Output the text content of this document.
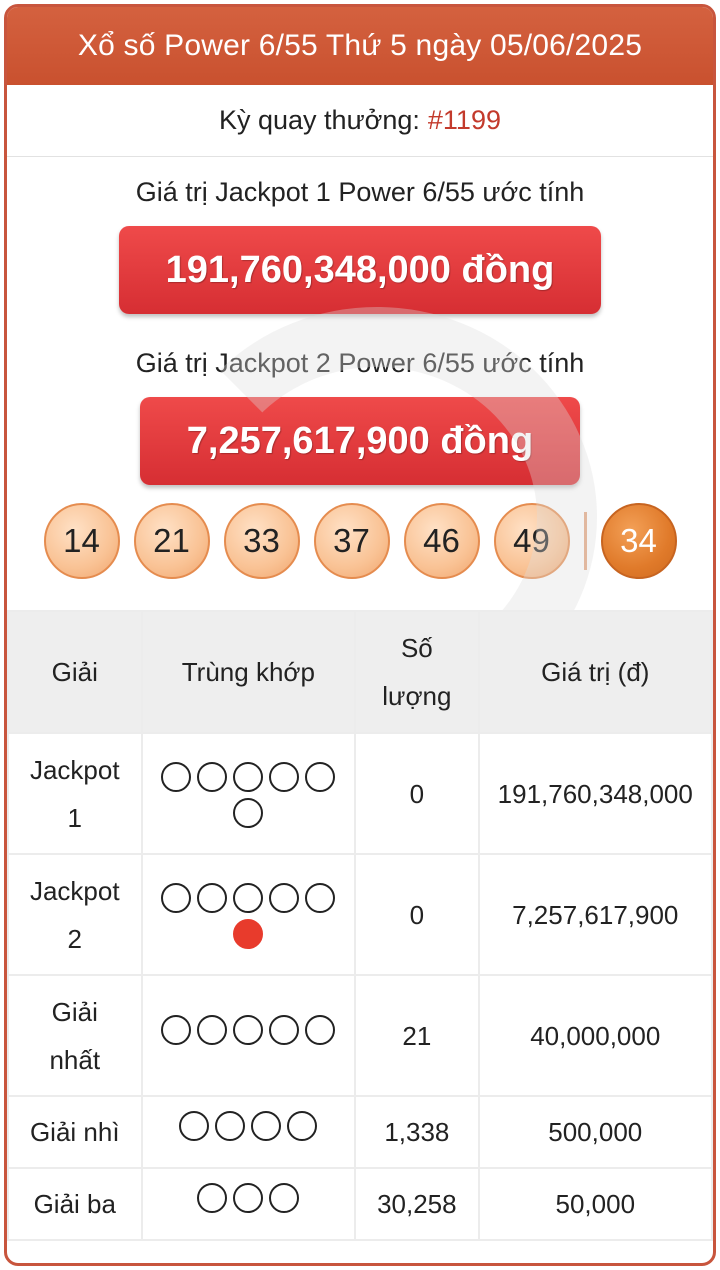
Xổ số Power 6/55 Thứ 5 ngày 05/06/2025
Kỳ quay thưởng: #1199
Giá trị Jackpot 1 Power 6/55 ước tính
191,760,348,000 đồng
Giá trị Jackpot 2 Power 6/55 ước tính
7,257,617,900 đồng
14	21	33	37	46	49	34
Giải	Trùng khớp	Số lượng	Giá trị (đ)

Jackpot 1		0	191,760,348,000

Jackpot 2		0	7,257,617,900

Giải nhất		21	40,000,000
Giải nhì		1,338	500,000
Giải ba		30,258	50,000
